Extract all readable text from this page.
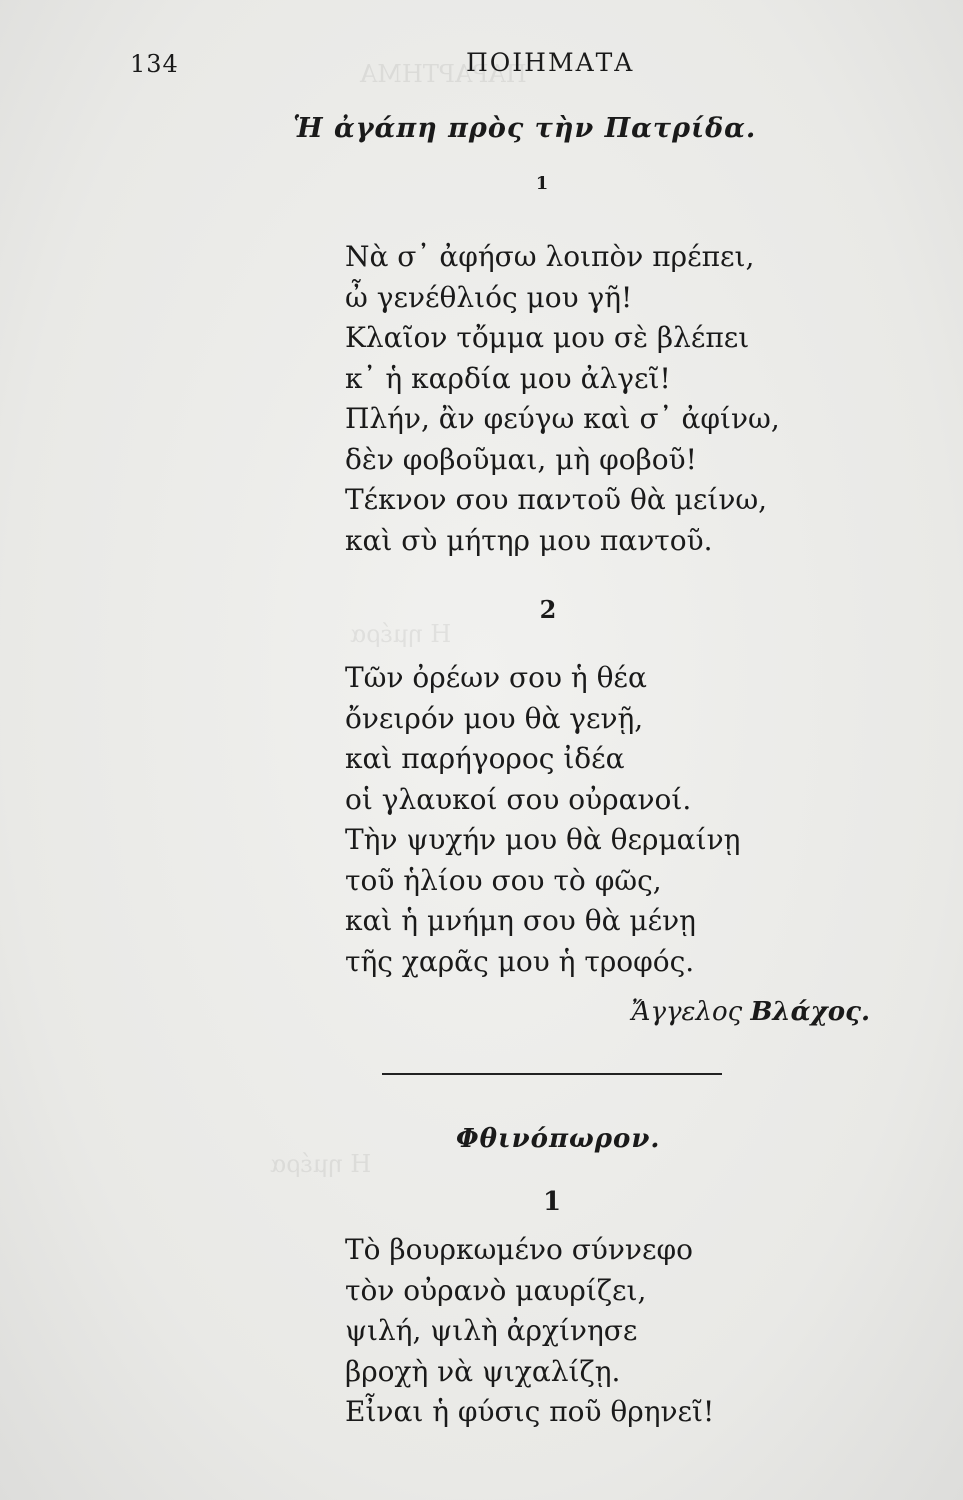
ΠΑΡΑΡΤΗΜΑ
Η ημέρα
Η ημέρα
134	ΠΟΙΗΜΑΤΑ
Ἡ ἀγάπη πρὸς τὴν Πατρίδα.
1
Νὰ σ᾽ ἀφήσω λοιπὸν πρέπει,
ὦ γενέθλιός μου γῆ!
Κλαῖον τὄμμα μου σὲ βλέπει
κ᾽ ἡ καρδία μου ἀλγεῖ!
Πλήν, ἂν φεύγω καὶ σ᾽ ἀφίνω,
δὲν φοβοῦμαι, μὴ φοβοῦ!
Τέκνον σου παντοῦ θὰ μείνω,
καὶ σὺ μήτηρ μου παντοῦ.
2
Τῶν ὀρέων σου ἡ θέα
ὄνειρόν μου θὰ γενῇ,
καὶ παρήγορος ἰδέα
οἱ γλαυκοί σου οὐρανοί.
Τὴν ψυχήν μου θὰ θερμαίνῃ
τοῦ ἡλίου σου τὸ φῶς,
καὶ ἡ μνήμη σου θὰ μένῃ
τῆς χαρᾶς μου ἡ τροφός.
Ἄγγελος Βλάχος.
Φθινόπωρον.
1
Τὸ βουρκωμένο σύννεφο
τὸν οὐρανὸ μαυρίζει,
ψιλή, ψιλὴ ἀρχίνησε
βροχὴ νὰ ψιχαλίζῃ.
Εἶναι ἡ φύσις ποῦ θρηνεῖ!
